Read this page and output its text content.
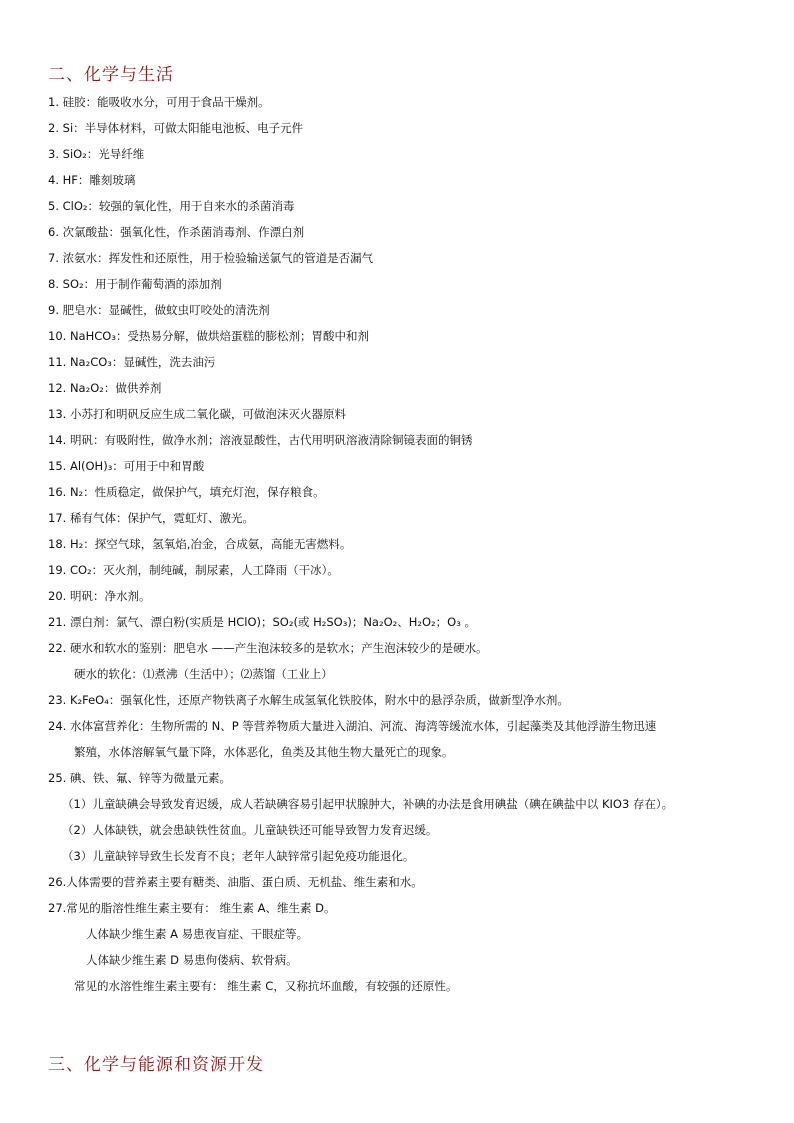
二、化学与生活
1. 硅胶：能吸收水分，可用于食品干燥剂。
2. Si：半导体材料，可做太阳能电池板、电子元件
3. SiO₂：光导纤维
4. HF：雕刻玻璃
5. ClO₂：较强的氧化性，用于自来水的杀菌消毒
6. 次氯酸盐：强氧化性，作杀菌消毒剂、作漂白剂
7. 浓氨水：挥发性和还原性，用于检验输送氯气的管道是否漏气
8. SO₂：用于制作葡萄酒的添加剂
9. 肥皂水：显碱性，做蚊虫叮咬处的清洗剂
10. NaHCO₃：受热易分解，做烘焙蛋糕的膨松剂；胃酸中和剂
11. Na₂CO₃：显碱性，洗去油污
12. Na₂O₂：做供养剂
13. 小苏打和明矾反应生成二氧化碳，可做泡沫灭火器原料
14. 明矾：有吸附性，做净水剂；溶液显酸性，古代用明矾溶液清除铜镜表面的铜锈
15. Al(OH)₃：可用于中和胃酸
16. N₂：性质稳定，做保护气，填充灯泡，保存粮食。
17. 稀有气体：保护气，霓虹灯、激光。
18. H₂：探空气球，氢氧焰,冶金，合成氨，高能无害燃料。
19. CO₂：灭火剂，制纯碱，制尿素，人工降雨（干冰）。
20. 明矾：净水剂。
21. 漂白剂：氯气、漂白粉(实质是 HClO)；SO₂(或 H₂SO₃)；Na₂O₂、H₂O₂；O₃ 。
22. 硬水和软水的鉴别：肥皂水 ——产生泡沫较多的是软水；产生泡沫较少的是硬水。
硬水的软化：⑴煮沸（生活中）；⑵蒸馏（工业上）
23. K₂FeO₄：强氧化性，还原产物铁离子水解生成氢氧化铁胶体，附水中的悬浮杂质，做新型净水剂。
24. 水体富营养化：生物所需的 N、P 等营养物质大量进入湖泊、河流、海湾等缓流水体，引起藻类及其他浮游生物迅速
繁殖，水体溶解氧气量下降，水体恶化，鱼类及其他生物大量死亡的现象。
25. 碘、铁、氟、锌等为微量元素。
（1）儿童缺碘会导致发育迟缓，成人若缺碘容易引起甲状腺肿大，补碘的办法是食用碘盐（碘在碘盐中以 KIO3 存在）。
（2）人体缺铁，就会患缺铁性贫血。儿童缺铁还可能导致智力发育迟缓。
（3）儿童缺锌导致生长发育不良；老年人缺锌常引起免疫功能退化。
26.人体需要的营养素主要有糖类、油脂、蛋白质、无机盐、维生素和水。
27.常见的脂溶性维生素主要有： 维生素 A、维生素 D。
人体缺少维生素 A 易患夜盲症、干眼症等。
人体缺少维生素 D 易患佝偻病、软骨病。
常见的水溶性维生素主要有： 维生素 C，又称抗坏血酸，有较强的还原性。
三、化学与能源和资源开发
